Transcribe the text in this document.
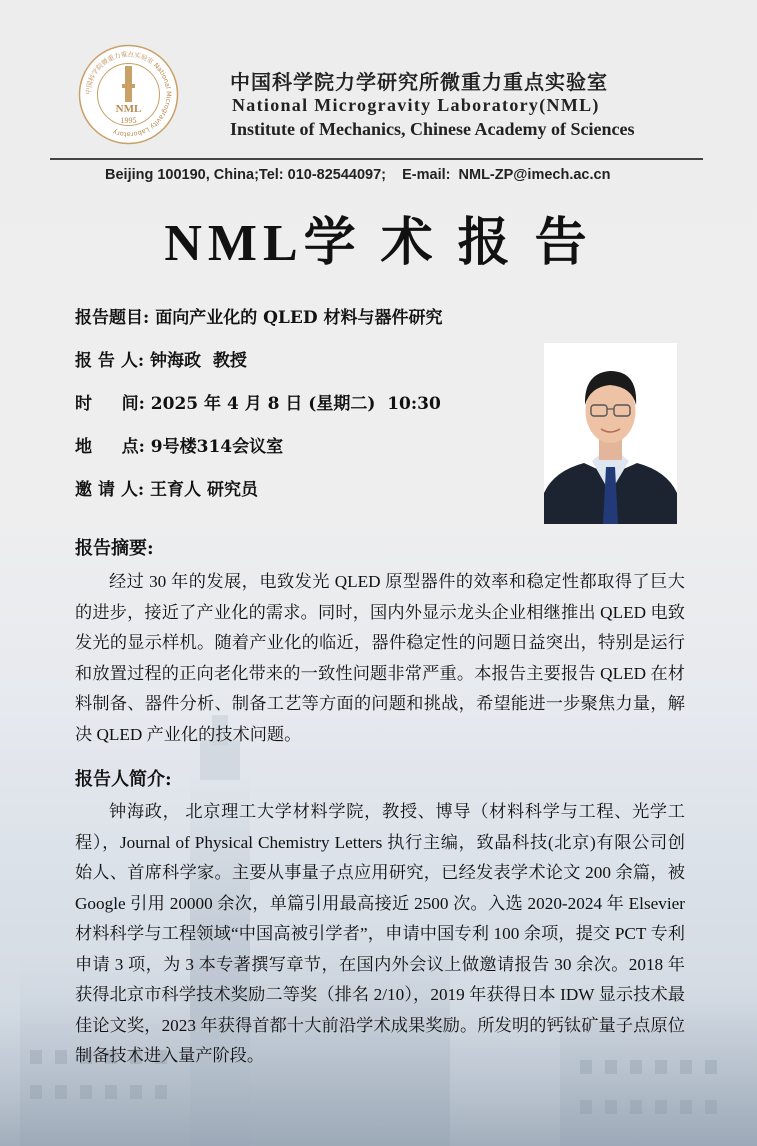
中国科学院微重力重点实验室 National Microgravity Laboratory
NML
1995
中国科学院力学研究所微重力重点实验室
National Microgravity Laboratory(NML)
Institute of Mechanics, Chinese Academy of Sciences
Beijing 100190, China;Tel: 010-82544097;    E-mail:  NML-ZP@imech.ac.cn
NML学 术 报 告
报告题目: 面向产业化的 QLED 材料与器件研究
报 告 人: 钟海政  教授
时     间: 2025 年 4 月 8 日 (星期二)  10:30
地     点: 9号楼314会议室
邀 请 人: 王育人 研究员
报告摘要:
经过 30 年的发展，电致发光 QLED 原型器件的效率和稳定性都取得了巨大的进步，接近了产业化的需求。同时，国内外显示龙头企业相继推出 QLED 电致发光的显示样机。随着产业化的临近，器件稳定性的问题日益突出，特别是运行和放置过程的正向老化带来的一致性问题非常严重。本报告主要报告 QLED 在材料制备、器件分析、制备工艺等方面的问题和挑战，希望能进一步聚焦力量，解决 QLED 产业化的技术问题。
报告人简介:
钟海政， 北京理工大学材料学院，教授、博导（材料科学与工程、光学工程），Journal of Physical Chemistry Letters 执行主编，致晶科技(北京)有限公司创始人、首席科学家。主要从事量子点应用研究，已经发表学术论文 200 余篇，被 Google 引用 20000 余次，单篇引用最高接近 2500 次。入选 2020-2024 年 Elsevier 材料科学与工程领域“中国高被引学者”，申请中国专利 100 余项，提交 PCT 专利申请 3 项，为 3 本专著撰写章节，在国内外会议上做邀请报告 30 余次。2018 年获得北京市科学技术奖励二等奖（排名 2/10），2019 年获得日本 IDW 显示技术最佳论文奖，2023 年获得首都十大前沿学术成果奖励。所发明的钙钛矿量子点原位制备技术进入量产阶段。
